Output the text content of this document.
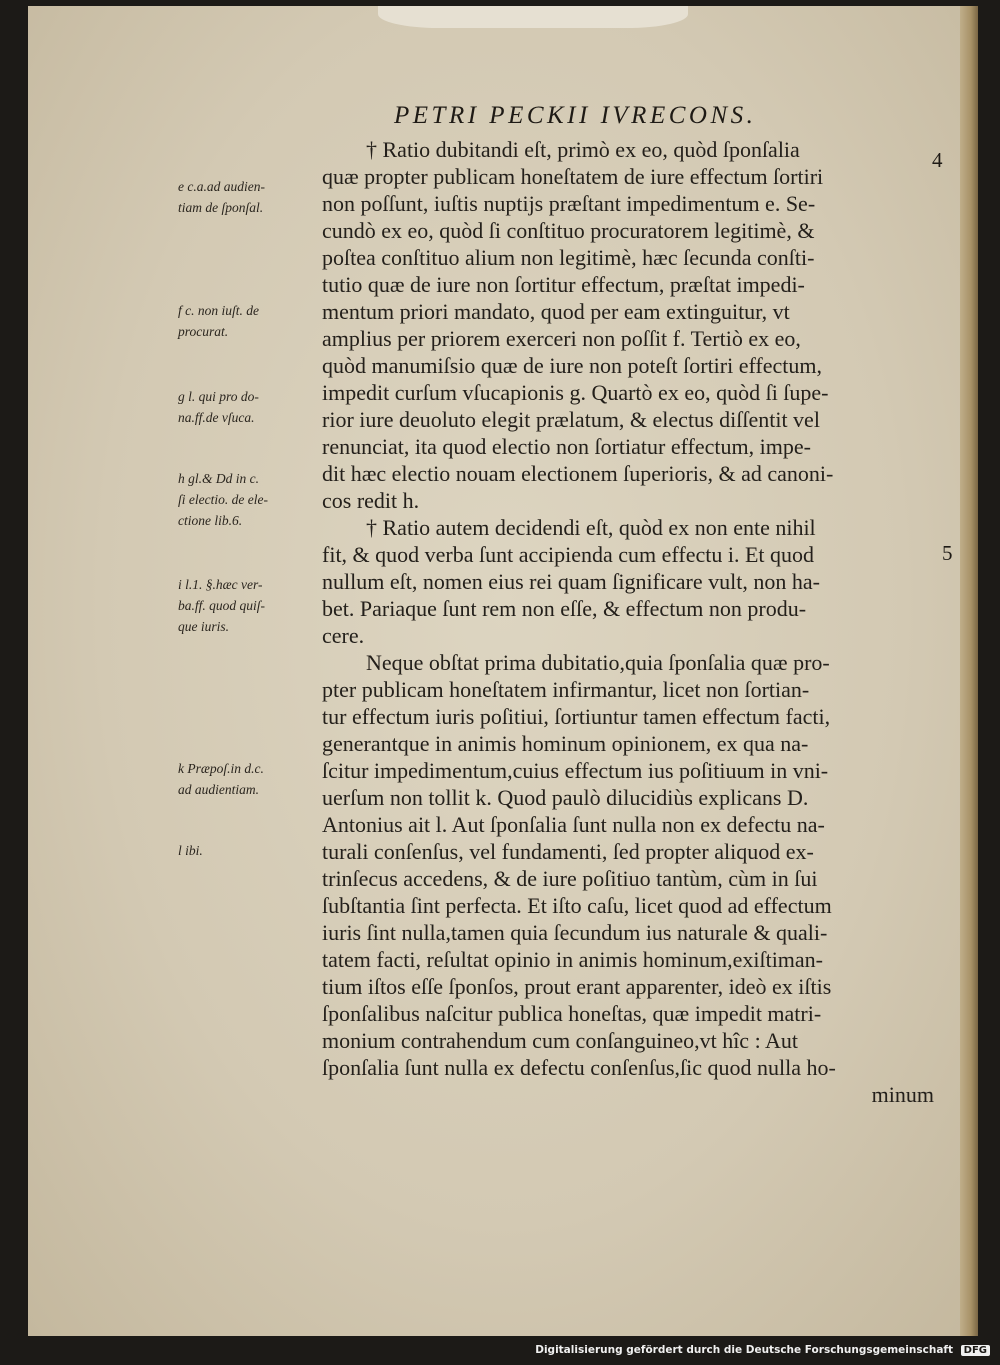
PETRI PECKII IVRECONS.
4
5
† Ratio dubitandi eſt, primò ex eo, quòd ſponſalia
quæ propter publicam honeſtatem de iure effectum ſortiri
non poſſunt, iuſtis nuptijs præſtant impedimentum e. Se-
cundò ex eo, quòd ſi conſtituo procuratorem legitimè, &
poſtea conſtituo alium non legitimè, hæc ſecunda conſti-
tutio quæ de iure non ſortitur effectum, præſtat impedi-
mentum priori mandato, quod per eam extinguitur, vt
amplius per priorem exerceri non poſſit f. Tertiò ex eo,
quòd manumiſsio quæ de iure non poteſt ſortiri effectum,
impedit curſum vſucapionis g. Quartò ex eo, quòd ſi ſupe-
rior iure deuoluto elegit prælatum, & electus diſſentit vel
renunciat, ita quod electio non ſortiatur effectum, impe-
dit hæc electio nouam electionem ſuperioris, & ad canoni-
cos redit h.
† Ratio autem decidendi eſt, quòd ex non ente nihil
fit, & quod verba ſunt accipienda cum effectu i. Et quod
nullum eſt, nomen eius rei quam ſignificare vult, non ha-
bet. Pariaque ſunt rem non eſſe, & effectum non produ-
cere.
Neque obſtat prima dubitatio,quia ſponſalia quæ pro-
pter publicam honeſtatem infirmantur, licet non ſortian-
tur effectum iuris poſitiui, ſortiuntur tamen effectum facti,
generantque in animis hominum opinionem, ex qua na-
ſcitur impedimentum,cuius effectum ius poſitiuum in vni-
uerſum non tollit k. Quod paulò dilucidiùs explicans D.
Antonius ait l. Aut ſponſalia ſunt nulla non ex defectu na-
turali conſenſus, vel fundamenti, ſed propter aliquod ex-
trinſecus accedens, & de iure poſitiuo tantùm, cùm in ſui
ſubſtantia ſint perfecta. Et iſto caſu, licet quod ad effectum
iuris ſint nulla,tamen quia ſecundum ius naturale & quali-
tatem facti, reſultat opinio in animis hominum,exiſtiman-
tium iſtos eſſe ſponſos, prout erant apparenter, ideò ex iſtis
ſponſalibus naſcitur publica honeſtas, quæ impedit matri-
monium contrahendum cum conſanguineo,vt hîc : Aut
ſponſalia ſunt nulla ex defectu conſenſus,ſic quod nulla ho-
minum
e c.a.ad audien-
tiam de ſponſal.
f c. non iuſt. de
procurat.
g l. qui pro do-
na.ff.de vſuca.
h gl.& Dd in c.
ſi electio. de ele-
ctione lib.6.
i l.1. §.hæc ver-
ba.ff. quod quiſ-
que iuris.
k Præpoſ.in d.c.
ad audientiam.
l ibi.
Digitalisierung gefördert durch die Deutsche Forschungsgemeinschaft DFG
